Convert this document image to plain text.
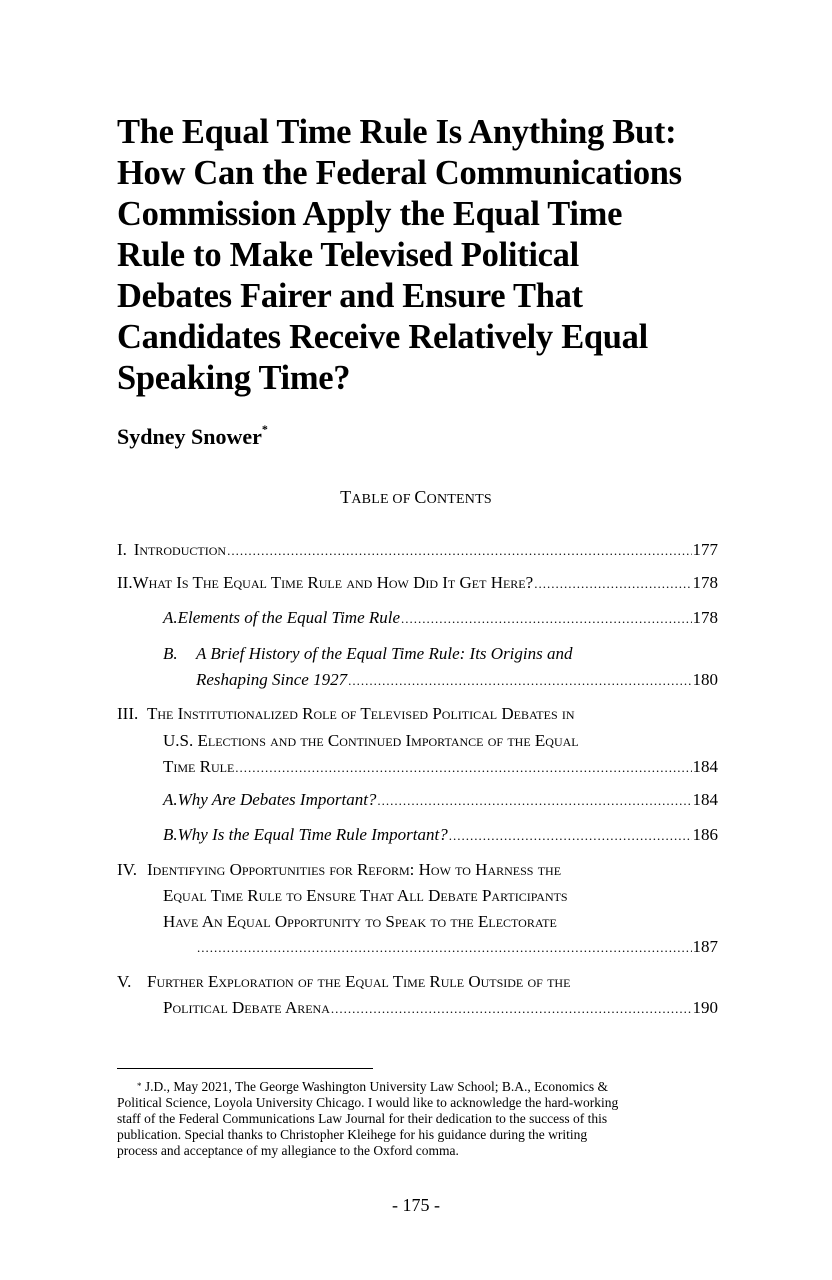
The Equal Time Rule Is Anything But:
How Can the Federal Communications
Commission Apply the Equal Time
Rule to Make Televised Political
Debates Fairer and Ensure That
Candidates Receive Relatively Equal
Speaking Time?
Sydney Snower*
TABLE OF CONTENTS
I. Introduction .....	177
II. What Is The Equal Time Rule and How Did It Get Here? .....	178
A. Elements of the Equal Time Rule .....	178
B. A Brief History of the Equal Time Rule: Its Origins and
Reshaping Since 1927 .....	180
III. The Institutionalized Role of Televised Political Debates in
U.S. Elections and the Continued Importance of the Equal
Time Rule .....	184
A. Why Are Debates Important? .....	184
B. Why Is the Equal Time Rule Important? .....	186
IV. Identifying Opportunities for Reform: How to Harness the
Equal Time Rule to Ensure That All Debate Participants
Have An Equal Opportunity to Speak to the Electorate
.....
187
V. Further Exploration of the Equal Time Rule Outside of the
Political Debate Arena .....	190
* J.D., May 2021, The George Washington University Law School; B.A., Economics &
Political Science, Loyola University Chicago. I would like to acknowledge the hard-working
staff of the Federal Communications Law Journal for their dedication to the success of this
publication. Special thanks to Christopher Kleihege for his guidance during the writing
process and acceptance of my allegiance to the Oxford comma.
- 175 -
